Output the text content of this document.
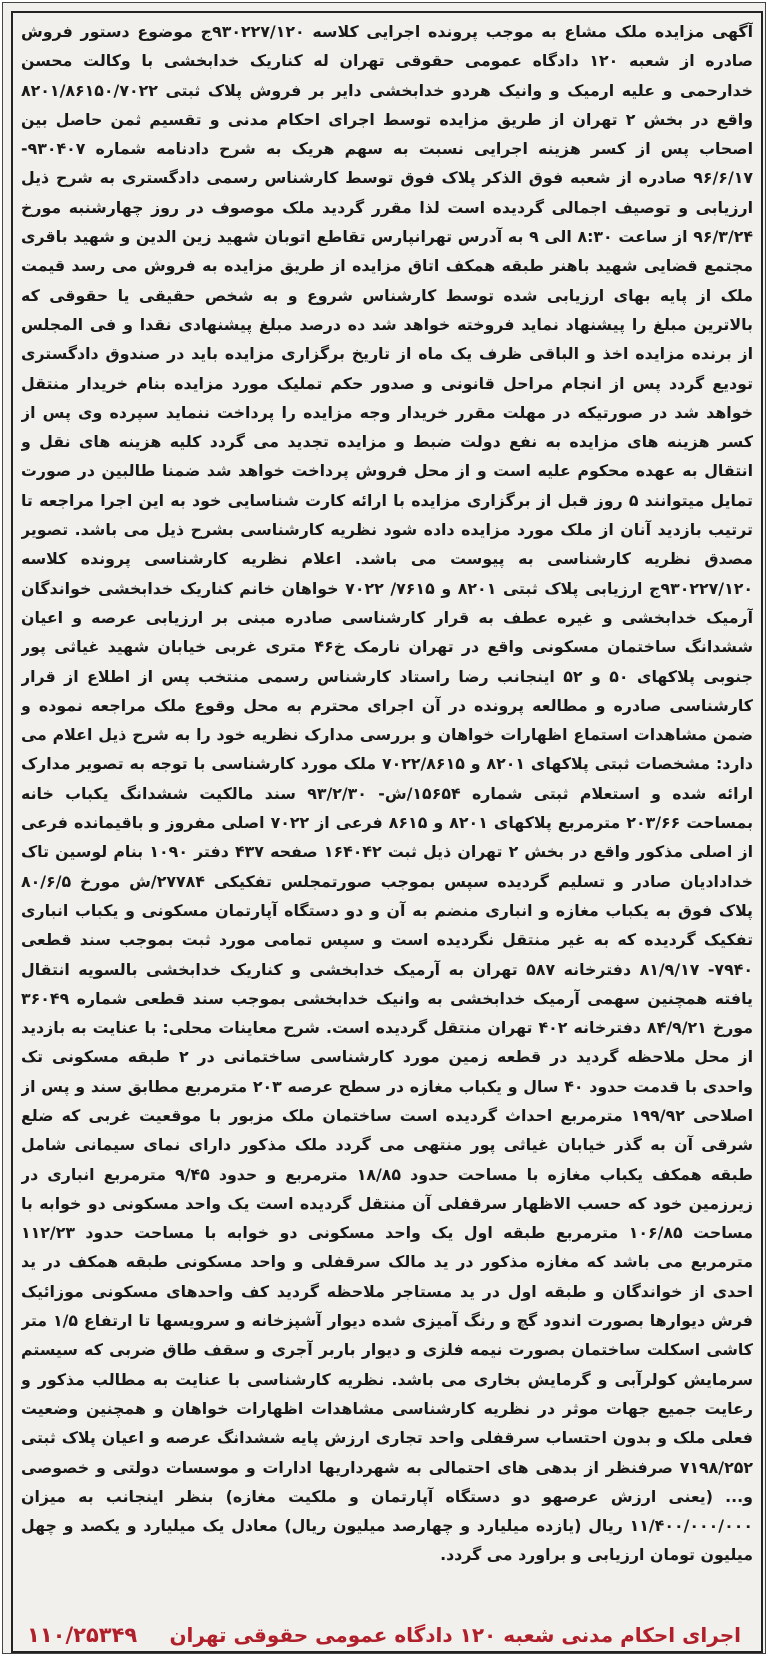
آگهی مزایده ملک مشاع به موجب پرونده اجرایی کلاسه ۹۳۰۲۲۷/۱۲۰ج موضوع دستور فروش صادره از شعبه ۱۲۰ دادگاه عمومی حقوقی تهران له کناریک خدابخشی با وکالت محسن خدارحمی و علیه ارمیک و وانیک هردو خدابخشی دایر بر فروش پلاک ثبتی ۸۲۰۱/۸۶۱۵۰/۷۰۲۲ واقع در بخش ۲ تهران از طریق مزایده توسط اجرای احکام مدنی و تقسیم ثمن حاصل بین اصحاب پس از کسر هزینه اجرایی نسبت به سهم هریک به شرح دادنامه شماره ۹۳۰۴۰۷- ۹۶/۶/۱۷ صادره از شعبه فوق الذکر پلاک فوق توسط کارشناس رسمی دادگستری به شرح ذیل ارزیابی و توصیف اجمالی گردیده است لذا مقرر گردید ملک موصوف در روز چهارشنبه مورخ ۹۶/۳/۲۴ از ساعت ۸:۳۰ الی ۹ به آدرس تهرانپارس تقاطع اتوبان شهید زین الدین و شهید باقری مجتمع قضایی شهید باهنر طبقه همکف اتاق مزایده از طریق مزایده به فروش می رسد قیمت ملک از پایه بهای ارزیابی شده توسط کارشناس شروع و به شخص حقیقی یا حقوقی که بالاترین مبلغ را پیشنهاد نماید فروخته خواهد شد ده درصد مبلغ پیشنهادی نقدا و فی المجلس از برنده مزایده اخذ و الباقی ظرف یک ماه از تاریخ برگزاری مزایده باید در صندوق دادگستری تودیع گردد پس از انجام مراحل قانونی و صدور حکم تملیک مورد مزایده بنام خریدار منتقل خواهد شد در صورتیکه در مهلت مقرر خریدار وجه مزایده را پرداخت ننماید سپرده وی پس از کسر هزینه های مزایده به نفع دولت ضبط و مزایده تجدید می گردد کلیه هزینه های نقل و انتقال به عهده محکوم علیه است و از محل فروش پرداخت خواهد شد ضمنا طالبین در صورت تمایل میتوانند ۵ روز قبل از برگزاری مزایده با ارائه کارت شناسایی خود به این اجرا مراجعه تا ترتیب بازدید آنان از ملک مورد مزایده داده شود نظریه کارشناسی بشرح ذیل می باشد. تصویر مصدق نظریه کارشناسی به پیوست می باشد. اعلام نظریه کارشناسی پرونده کلاسه ۹۳۰۲۲۷/۱۲۰ج ارزیابی پلاک ثبتی ۸۲۰۱ و ۷۶۱۵/ ۷۰۲۲ خواهان خانم کناریک خدابخشی خواندگان آرمیک خدابخشی و غیره عطف به قرار کارشناسی صادره مبنی بر ارزیابی عرصه و اعیان ششدانگ ساختمان مسکونی واقع در تهران نارمک خ۴۶ متری غربی خیابان شهید غیاثی پور جنوبی پلاکهای ۵۰ و ۵۲ اینجانب رضا راستاد کارشناس رسمی منتخب پس از اطلاع از قرار کارشناسی صادره و مطالعه پرونده در آن اجرای محترم به محل وقوع ملک مراجعه نموده و ضمن مشاهدات استماع اظهارات خواهان و بررسی مدارک نظریه خود را به شرح ذیل اعلام می دارد: مشخصات ثبتی پلاکهای ۸۲۰۱ و ۷۰۲۲/۸۶۱۵ ملک مورد کارشناسی با توجه به تصویر مدارک ارائه شده و استعلام ثبتی شماره ۱۵۶۵۴/ش- ۹۳/۲/۳۰ سند مالکیت ششدانگ یکباب خانه بمساحت ۲۰۳/۶۶ مترمربع پلاکهای ۸۲۰۱ و ۸۶۱۵ فرعی از ۷۰۲۲ اصلی مفروز و باقیمانده فرعی از اصلی مذکور واقع در بخش ۲ تهران ذیل ثبت ۱۶۴۰۴۲ صفحه ۴۳۷ دفتر ۱۰۹۰ بنام لوسین تاک خدادادیان صادر و تسلیم گردیده سپس بموجب صورتمجلس تفکیکی ۲۷۷۸۴/ش مورخ ۸۰/۶/۵ پلاک فوق به یکباب مغازه و انباری منضم به آن و دو دستگاه آپارتمان مسکونی و یکباب انباری تفکیک گردیده که به غیر منتقل نگردیده است و سپس تمامی مورد ثبت بموجب سند قطعی ۷۹۴۰- ۸۱/۹/۱۷ دفترخانه ۵۸۷ تهران به آرمیک خدابخشی و کناریک خدابخشی بالسویه انتقال یافته همچنین سهمی آرمیک خدابخشی به وانیک خدابخشی بموجب سند قطعی شماره ۳۶۰۴۹ مورخ ۸۴/۹/۲۱ دفترخانه ۴۰۲ تهران منتقل گردیده است. شرح معاینات محلی: با عنایت به بازدید از محل ملاحظه گردید در قطعه زمین مورد کارشناسی ساختمانی در ۲ طبقه مسکونی تک واحدی با قدمت حدود ۴۰ سال و یکباب مغازه در سطح عرصه ۲۰۳ مترمربع مطابق سند و پس از اصلاحی ۱۹۹/۹۲ مترمربع احداث گردیده است ساختمان ملک مزبور با موقعیت غربی که ضلع شرقی آن به گذر خیابان غیاثی پور منتهی می گردد ملک مذکور دارای نمای سیمانی شامل طبقه همکف یکباب مغازه با مساحت حدود ۱۸/۸۵ مترمربع و حدود ۹/۴۵ مترمربع انباری در زیرزمین خود که حسب الاظهار سرقفلی آن منتقل گردیده است یک واحد مسکونی دو خوابه با مساحت ۱۰۶/۸۵ مترمربع طبقه اول یک واحد مسکونی دو خوابه با مساحت حدود ۱۱۲/۲۳ مترمربع می باشد که مغازه مذکور در ید مالک سرقفلی و واحد مسکونی طبقه همکف در ید احدی از خواندگان و طبقه اول در ید مستاجر ملاحظه گردید کف واحدهای مسکونی موزائیک فرش دیوارها بصورت اندود گچ و رنگ آمیزی شده دیوار آشپزخانه و سرویسها تا ارتفاع ۱/۵ متر کاشی اسکلت ساختمان بصورت نیمه فلزی و دیوار باربر آجری و سقف طاق ضربی که سیستم سرمایش کولرآبی و گرمایش بخاری می باشد. نظریه کارشناسی با عنایت به مطالب مذکور و رعایت جمیع جهات موثر در نظریه کارشناسی مشاهدات اظهارات خواهان و همچنین وضعیت فعلی ملک و بدون احتساب سرقفلی واحد تجاری ارزش پایه ششدانگ عرصه و اعیان پلاک ثبتی ۷۱۹۸/۲۵۲ صرفنظر از بدهی های احتمالی به شهرداریها ادارات و موسسات دولتی و خصوصی و... (یعنی ارزش عرصهو دو دستگاه آپارتمان و ملکیت مغازه) بنظر اینجانب به میزان ۱۱/۴۰۰/۰۰۰/۰۰۰ ریال (یازده میلیارد و چهارصد میلیون ریال) معادل یک میلیارد و یکصد و چهل میلیون تومان ارزیابی و براورد می گردد.
اجرای احکام مدنی شعبه ۱۲۰ دادگاه عمومی حقوقی تهران
۱۱۰/۲۵۳۴۹
